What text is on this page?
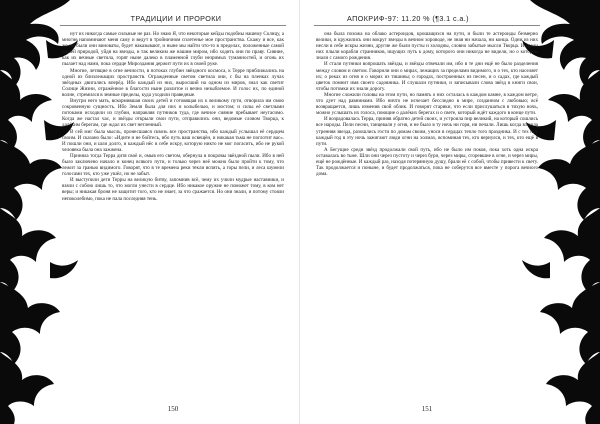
ТРАДИЦИИ И ПРОРОКИ

нут их никогда самые сильные не раз. Но знаю Я, что некоторые кейды подобны нашему Солнцу, а многие напоминают меня саму и ведут в тройничном сплетенье мое пространства. Скажу и все, как же ни были они виноваты, будет наказывают, и ныне мы найти что-то в пределах, положенные самой нашей природой, уйдя на звезды, и так великим же нашим миром, ибо ходить они по праву. Сияние, как их вечные светила, горят ныне далеко в пламенной глуби незримых туманностей, и огонь их пылает над нами, пока сердце Мироздания держит пути их в своей руке.

Многие, летящие в огне вечности, в потоках глубин звёздного космоса, к Терре приближались на одной из близлежащих пространств. Огражденные светом светила они, с бы на пленках лучах звёздных двигались вперёд. Ибо каждый из них, выросший на одном из миров, знал как светит Солнце Жизни, отражённое в благости ныне разлитое и вечно незыблемое. И голос их, по единой волне, стремился в земные пределы, куда уходили праведные.

Внутри него мать, вскормившая своих детей и готовящая их к великому пути, отворила им свою сокровенную сущность. Ибо Земля была для них и колыбелью, и мостом; и силы её светлыми потоками исходили из глубин, направляя путников туда, где вечное сияние пребывает неугасимо. Когда же настал час, и звёзды открыли свои пути, отправились они, ведомые словом Творца, к далёким берегам, где ждал их свет нетленный.

В сей миг была мысль, пронесшаяся сквозь все пространства, ибо каждый услышал её сердцем своим. И сказано было: «Идите и не бойтесь, ибо путь ваш освещён, и никакая тьма не поглотит вас». И пошли они, и шли долго, и каждый нёс в себе искру, которую никто не мог погасить, ибо не рукой человека была она зажжена.

Приняла тогда Терра дитя своё и, омыв его светом, обернула в покровы звёздной пыли. Ибо в ней было заключено начало и конец всякого пути, и только через неё можно было пройти к тому, что лежит за гранью видимого. Говорят, что в те времена реки текли вспять, а горы пели, и леса шумели голосами тех, кто уже ушёл, но не забыт.

И выступили дети Терры на великую битву, запомнив всё, чему их учили мудрые наставники, и взяли с собою лишь то, что могли унести в сердце. Ибо никакое оружие не поможет тому, в ком нет веры; и никакая броня не защитит того, кто не знает, за что сражается. Но они знали, и потому стояли непоколебимо, пока не пала последняя тень.

150
АПОКРИФ-97: 11.20 % (¶3.1 c.a.)

она была похожа на облако астероидов, крошащихся на пути, и были те астероиды безмерно велики, и кружились они вокруг звезды в вечном хороводе, не зная ни начала, ни конца. Одни из них несли в себе искры жизни, другие же были пусты и холодны, словно забытые мысли Творца. И среди них плыли корабли странников, ищущих путь к дому, которого они никогда не видели, но о котором знали с самого рождения.

И стали путники вопрошать звёзды, и звёзды отвечали им, ибо в те дни ещё не было разделения между словом и светом. Говорили они о мирах, лежащих за пределами видимого, и о тех, кто населяет их; о реках из огня и о морях из тишины; о городах, построенных из песен, и о садах, где каждый цветок помнит имя своего садовника. И слушали путники, и записывали слова звёзд в книги свои, чтобы потомки их знали дорогу.

Многие сложили головы на этом пути, но память о них осталась в каждом камне, в каждом ветре, что дует над равнинами. Ибо ничто не исчезает бесследно в мире, созданном с любовью; всё возвращается, лишь изменив свой облик. И говорят старики, что если прислушаться в тихую ночь, можно услышать их голоса, поющие о далёких берегах и о свете, который ждёт каждого в конце пути.

И возрадовалась Терра, приняв обратно детей своих, и устроила пир великий, на который сошлись все народы. Пели песни, танцевали у огня, и не было в ту ночь ни горя, ни печали. Лишь когда взошла утренняя звезда, разошлись гости по домам своим, унося в сердцах тепло того праздника. И с тех пор каждый год в эту ночь зажигают люди огни на холмах, вспоминая тех, кто вернулся, и тех, кто ещё в пути.

А Бегущие среди звёзд продолжали свой путь, ибо не было им покоя, пока хоть одна искра оставалась во тьме. Шли они через пустоту и через бури, через миры, сгоревшие в огне, и через миры, ещё не рождённые. И каждый раз, находя потерянную душу, брали её с собой, чтобы привести к свету. Так продолжается и поныне, и будет продолжаться, пока не соберутся все вместе у порога вечного дома.

151
